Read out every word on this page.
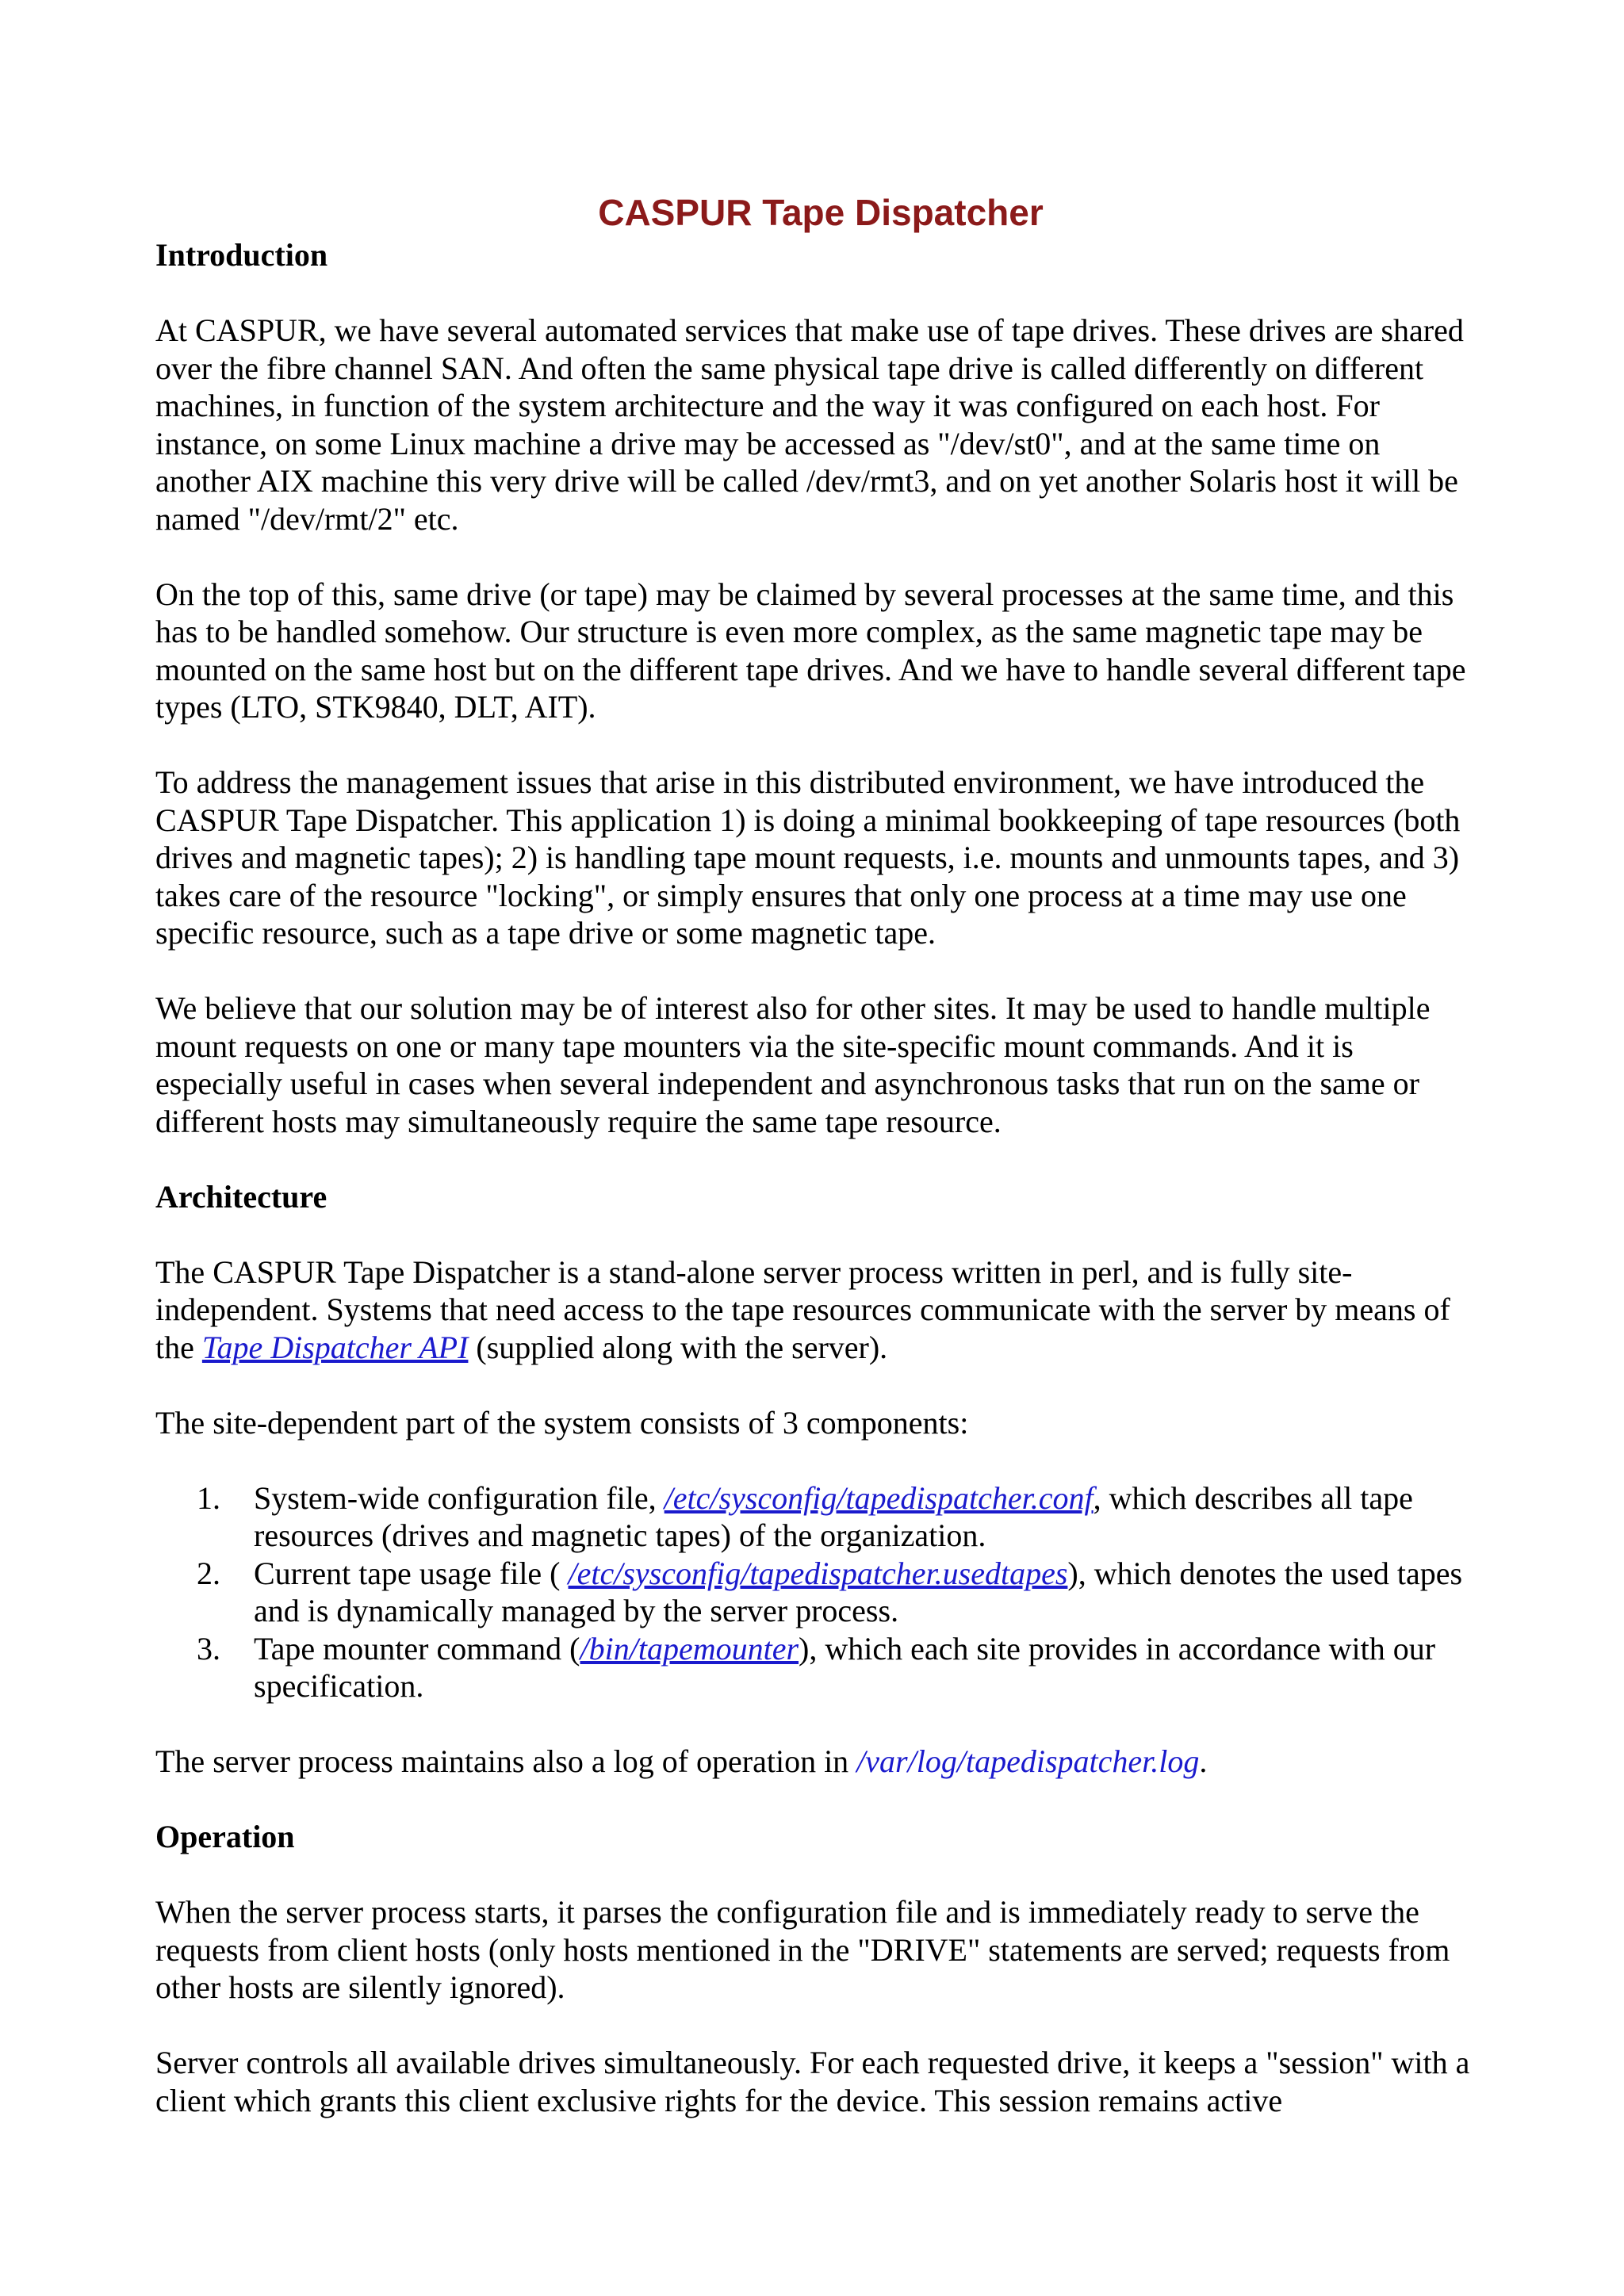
CASPUR Tape Dispatcher
Introduction

At CASPUR, we have several automated services that make use of tape drives. These drives are shared over the fibre channel SAN. And often the same physical tape drive is called differently on different machines, in function of the system architecture and the way it was configured on each host. For instance, on some Linux machine a drive may be accessed as "/dev/st0", and at the same time on another AIX machine this very drive will be called /dev/rmt3, and on yet another Solaris host it will be named "/dev/rmt/2" etc.

On the top of this, same drive (or tape) may be claimed by several processes at the same time, and this has to be handled somehow. Our structure is even more complex, as the same magnetic tape may be mounted on the same host but on the different tape drives. And we have to handle several different tape types (LTO, STK9840, DLT, AIT).

To address the management issues that arise in this distributed environment, we have introduced the CASPUR Tape Dispatcher. This application 1) is doing a minimal bookkeeping of tape resources (both drives and magnetic tapes); 2) is handling tape mount requests, i.e. mounts and unmounts tapes, and 3) takes care of the resource "locking", or simply ensures that only one process at a time may use one specific resource, such as a tape drive or some magnetic tape.

We believe that our solution may be of interest also for other sites. It may be used to handle multiple mount requests on one or many tape mounters via the site-specific mount commands. And it is especially useful in cases when several independent and asynchronous tasks that run on the same or different hosts may simultaneously require the same tape resource.

Architecture

The CASPUR Tape Dispatcher is a stand-alone server process written in perl, and is fully site-independent. Systems that need access to the tape resources communicate with the server by means of the Tape Dispatcher API (supplied along with the server).

The site-dependent part of the system consists of 3 components:

1. System-wide configuration file, /etc/sysconfig/tapedispatcher.conf, which describes all tape resources (drives and magnetic tapes) of the organization.
2. Current tape usage file ( /etc/sysconfig/tapedispatcher.usedtapes), which denotes the used tapes and is dynamically managed by the server process.
3. Tape mounter command (/bin/tapemounter), which each site provides in accordance with our specification.

The server process maintains also a log of operation in /var/log/tapedispatcher.log.

Operation

When the server process starts, it parses the configuration file and is immediately ready to serve the requests from client hosts (only hosts mentioned in the "DRIVE" statements are served; requests from other hosts are silently ignored).

Server controls all available drives simultaneously. For each requested drive, it keeps a "session" with a client which grants this client exclusive rights for the device. This session remains active
